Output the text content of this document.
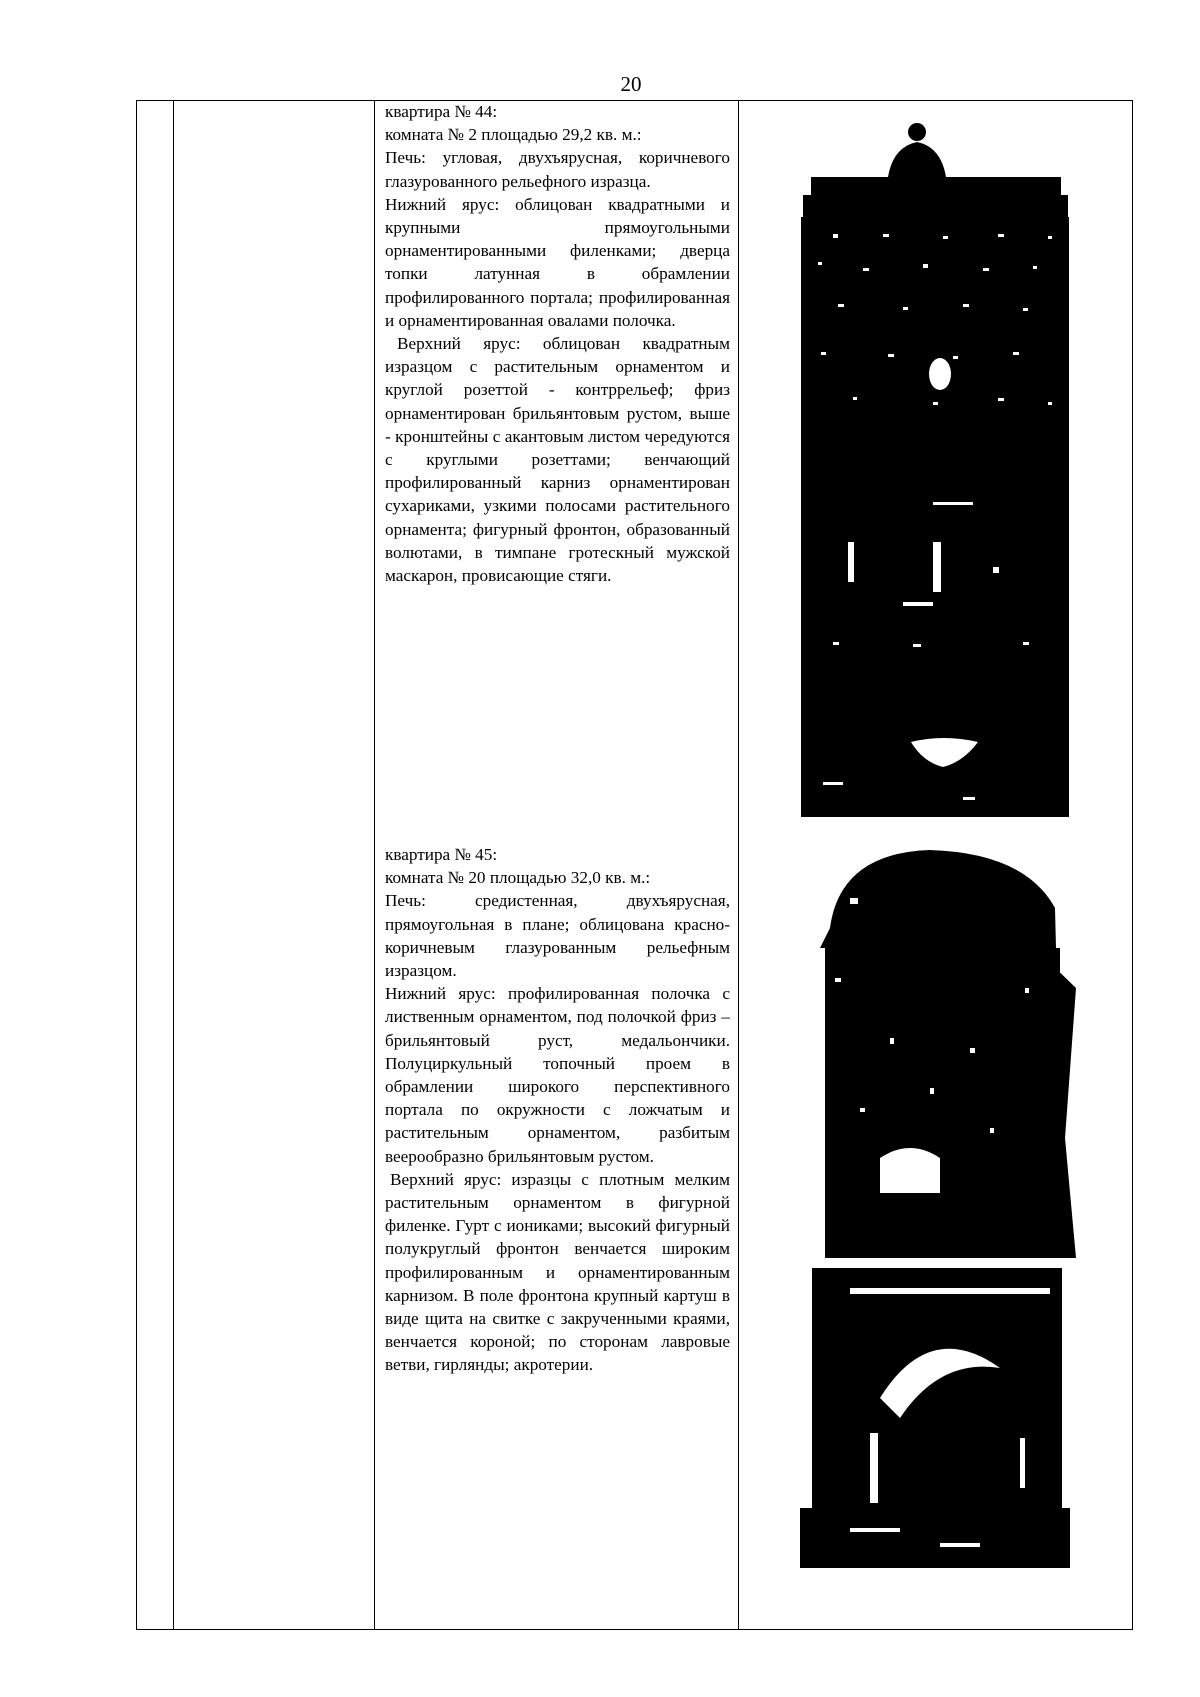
20

квартира № 44:

комната № 2 площадью 29,2 кв. м.:

Печь: угловая, двухъярусная, коричневого глазурованного рельефного изразца.

Нижний ярус: облицован квадратными и крупными прямоугольными орнаментированными филенками; дверца топки латунная в обрамлении профилированного портала; профилированная и орнаментированная овалами полочка.

Верхний ярус: облицован квадратным изразцом с растительным орнаментом и круглой розеттой - контррельеф; фриз орнаментирован брильянтовым рустом, выше - кронштейны с акантовым листом чередуются с круглыми розеттами; венчающий профилированный карниз орнаментирован сухариками, узкими полосами растительного орнамента; фигурный фронтон, образованный волютами, в тимпане гротескный мужской маскарон, провисающие стяги.

квартира № 45:

комната № 20 площадью 32,0 кв. м.:

Печь: средистенная, двухъярусная, прямоугольная в плане; облицована красно-коричневым глазурованным рельефным изразцом.

Нижний ярус: профилированная полочка с лиственным орнаментом, под полочкой фриз – брильянтовый руст, медальончики. Полуциркульный топочный проем в обрамлении широкого перспективного портала по окружности с ложчатым и растительным орнаментом, разбитым веерообразно брильянтовым рустом.

Верхний ярус: изразцы с плотным мелким растительным орнаментом в фигурной филенке. Гурт с иониками; высокий фигурный полукруглый фронтон венчается широким профилированным и орнаментированным карнизом. В поле фронтона крупный картуш в виде щита на свитке с закрученными краями, венчается короной; по сторонам лавровые ветви, гирлянды; акротерии.
